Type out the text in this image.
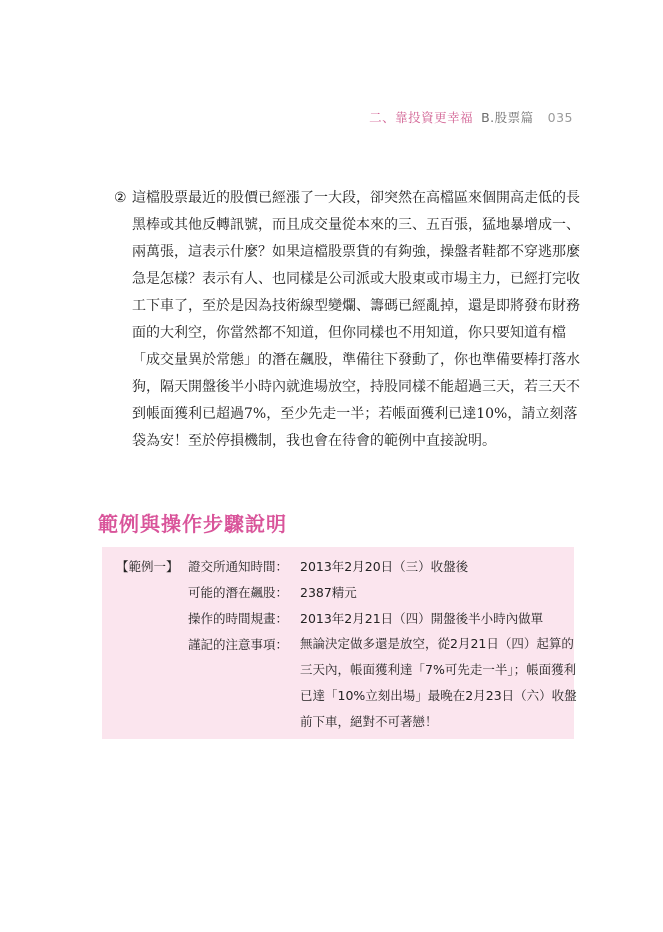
二、靠投資更幸福 B.股票篇 035

② 這檔股票最近的股價已經漲了一大段，卻突然在高檔區來個開高走低的長黑棒或其他反轉訊號，而且成交量從本來的三、五百張，猛地暴增成一、兩萬張，這表示什麼？如果這檔股票貨的有夠強，操盤者鞋都不穿逃那麼急是怎樣？表示有人、也同樣是公司派或大股東或市場主力，已經打完收工下車了，至於是因為技術線型變爛、籌碼已經亂掉，還是即將發布財務面的大利空，你當然都不知道，但你同樣也不用知道，你只要知道有檔「成交量異於常態」的潛在飆股，準備往下發動了，你也準備要棒打落水狗，隔天開盤後半小時內就進場放空，持股同樣不能超過三天，若三天不到帳面獲利已超過7%，至少先走一半；若帳面獲利已達10%，請立刻落袋為安！至於停損機制，我也會在待會的範例中直接說明。

範例與操作步驟說明
【範例一】 證交所通知時間： 2013年2月20日（三）收盤後
可能的潛在飆股： 2387精元
操作的時間規畫： 2013年2月21日（四）開盤後半小時內做單
謹記的注意事項： 無論決定做多還是放空，從2月21日（四）起算的三天內，帳面獲利達「7%可先走一半」；帳面獲利已達「10%立刻出場」最晚在2月23日（六）收盤前下車，絕對不可著戀！
